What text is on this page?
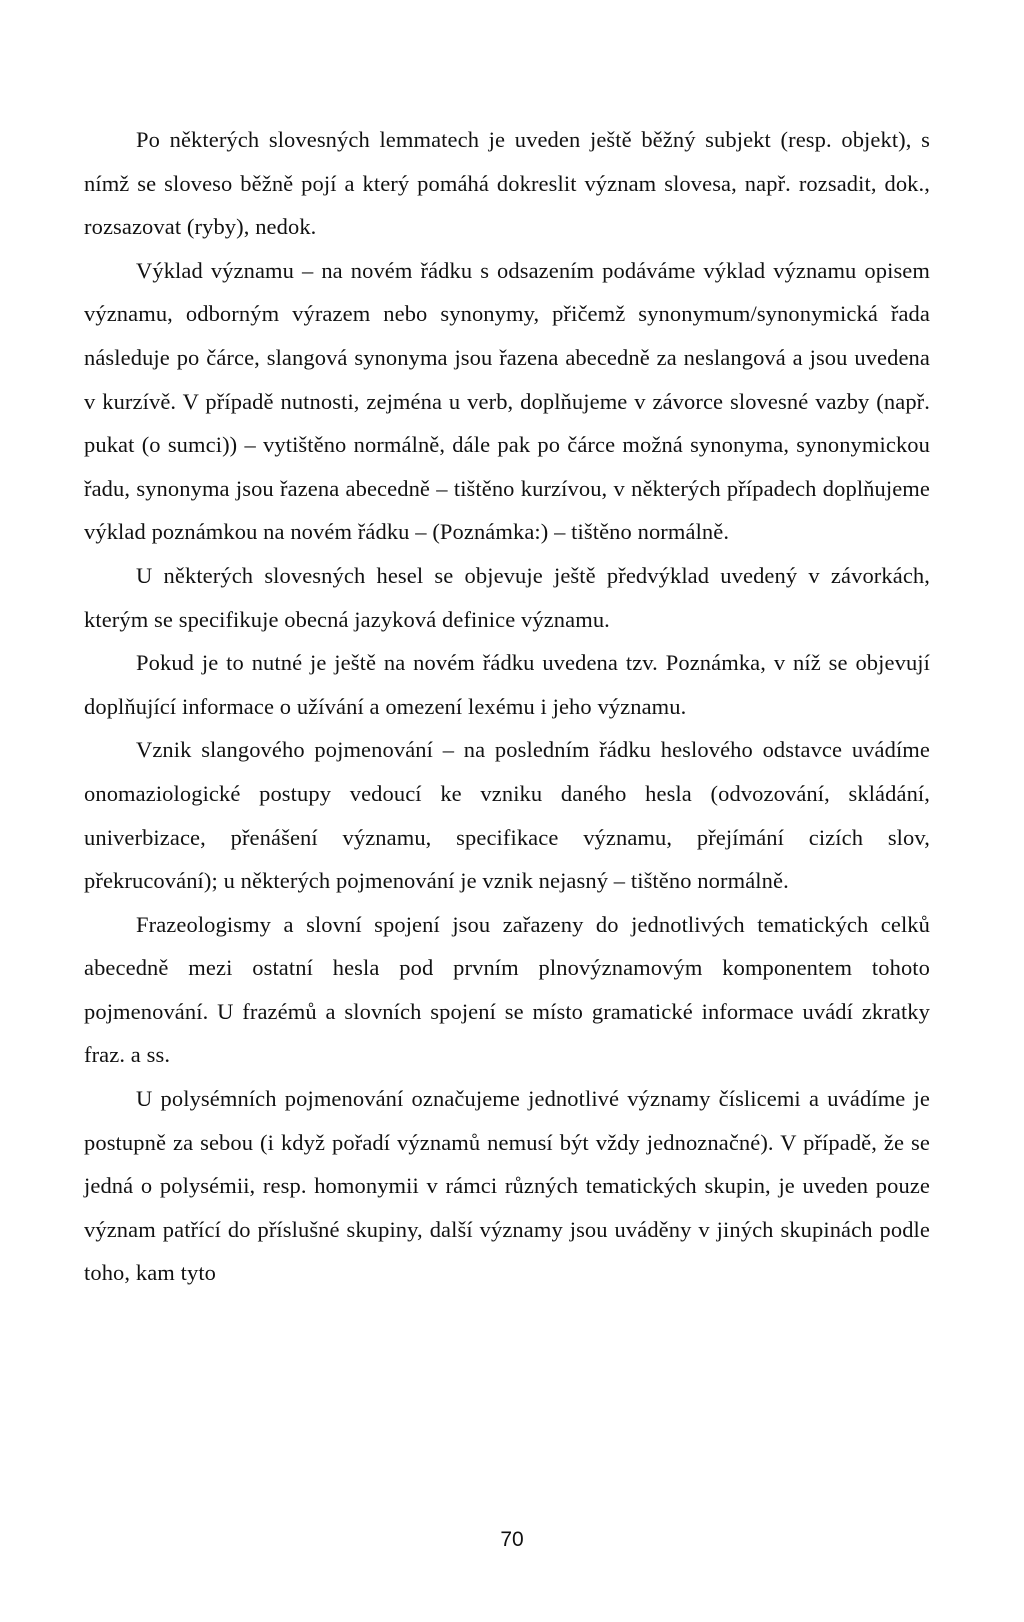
Po některých slovesných lemmatech je uveden ještě běžný subjekt (resp. objekt), s nímž se sloveso běžně pojí a který pomáhá dokreslit význam slovesa, např. rozsadit, dok., rozsazovat (ryby), nedok.

Výklad významu – na novém řádku s odsazením podáváme výklad významu opisem významu, odborným výrazem nebo synonymy, přičemž synonymum/synonymická řada následuje po čárce, slangová synonyma jsou řazena abecedně za neslangová a jsou uvedena v kurzívě. V případě nutnosti, zejména u verb, doplňujeme v závorce slovesné vazby (např. pukat (o sumci)) – vytištěno normálně, dále pak po čárce možná synonyma, synonymickou řadu, synonyma jsou řazena abecedně – tištěno kurzívou, v některých případech doplňujeme výklad poznámkou na novém řádku – (Poznámka:) – tištěno normálně.

U některých slovesných hesel se objevuje ještě předvýklad uvedený v závorkách, kterým se specifikuje obecná jazyková definice významu.

Pokud je to nutné je ještě na novém řádku uvedena tzv. Poznámka, v níž se objevují doplňující informace o užívání a omezení lexému i jeho významu.

Vznik slangového pojmenování – na posledním řádku heslového odstavce uvádíme onomaziologické postupy vedoucí ke vzniku daného hesla (odvozování, skládání, univerbizace, přenášení významu, specifikace významu, přejímání cizích slov, překrucování); u některých pojmenování je vznik nejasný – tištěno normálně.

Frazeologismy a slovní spojení jsou zařazeny do jednotlivých tematických celků abecedně mezi ostatní hesla pod prvním plnovýznamovým komponentem tohoto pojmenování. U frazémů a slovních spojení se místo gramatické informace uvádí zkratky fraz. a ss.

U polysémních pojmenování označujeme jednotlivé významy číslicemi a uvádíme je postupně za sebou (i když pořadí významů nemusí být vždy jednoznačné). V případě, že se jedná o polysémii, resp. homonymii v rámci různých tematických skupin, je uveden pouze význam patřící do příslušné skupiny, další významy jsou uváděny v jiných skupinách podle toho, kam tyto

70
